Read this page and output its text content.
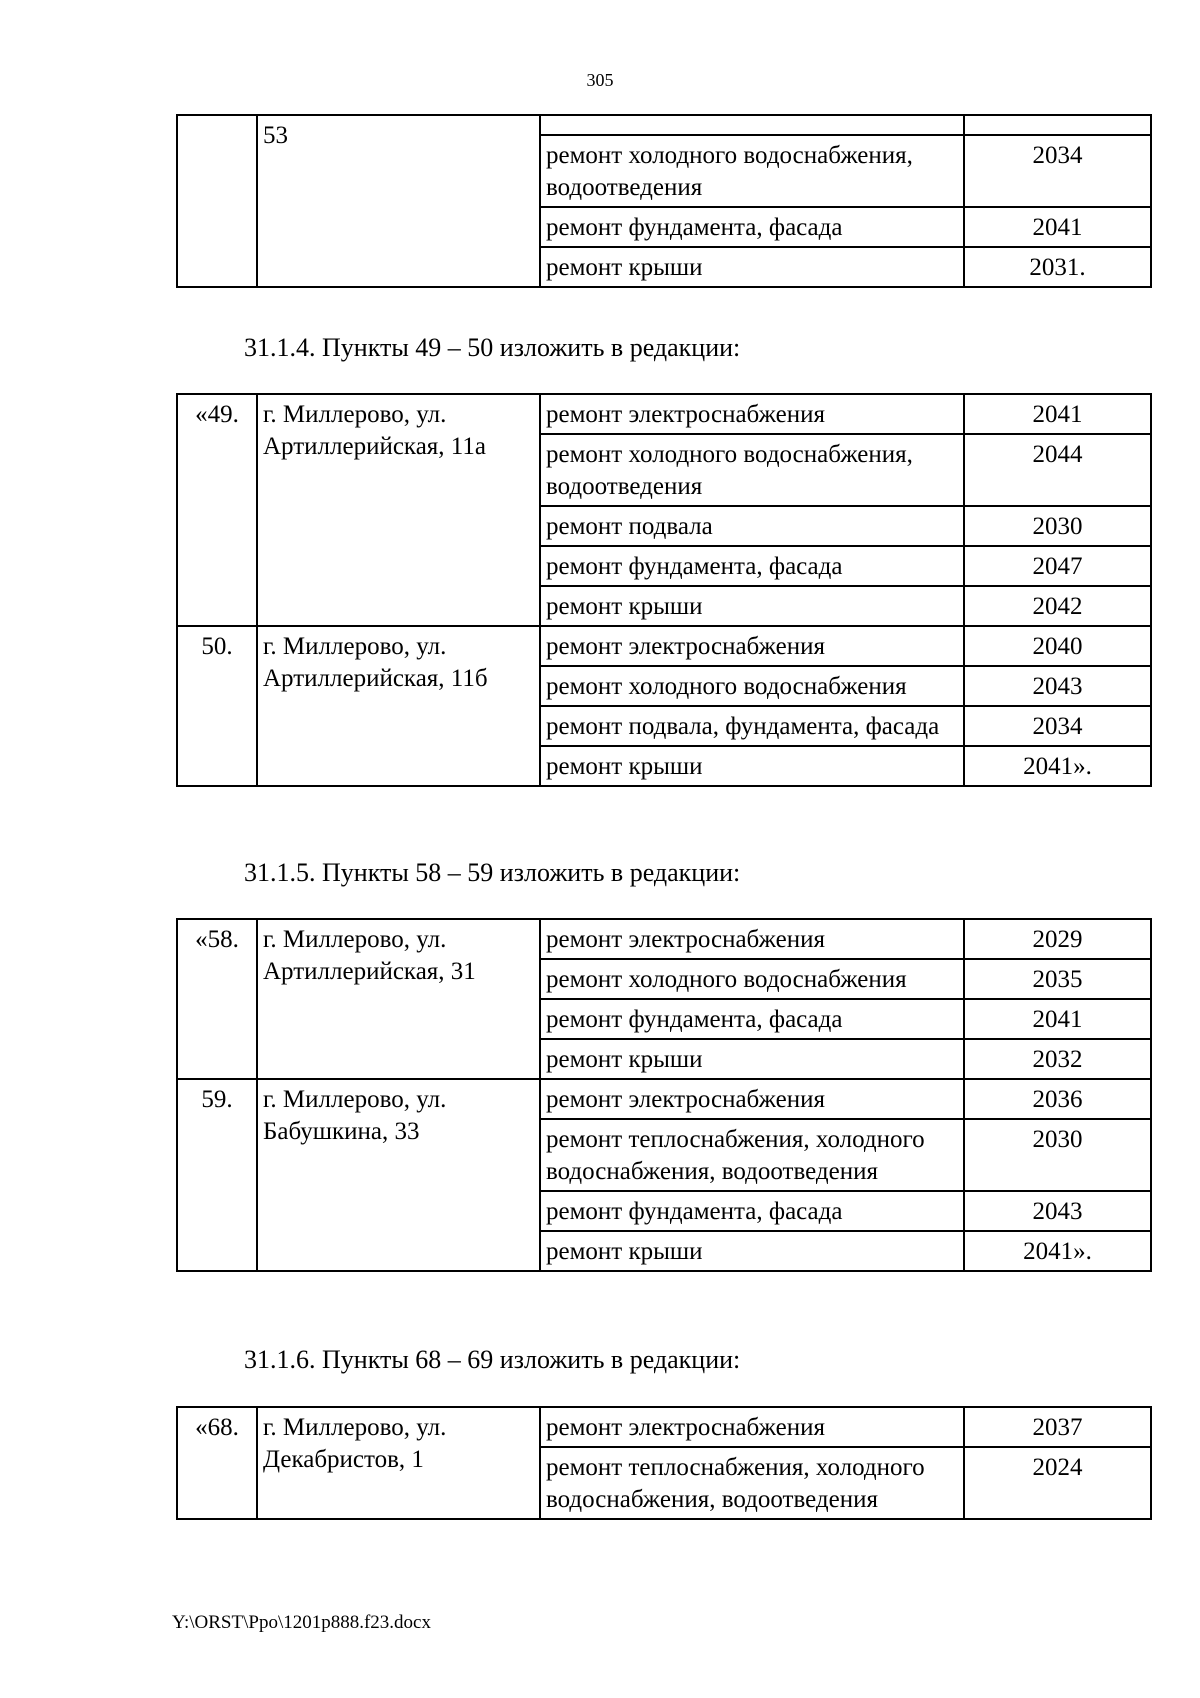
305
	53		
		ремонт холодного водоснабжения, водоотведения	2034
		ремонт фундамента, фасада	2041
		ремонт крыши	2031.
31.1.4. Пункты 49 – 50 изложить в редакции:
«49.	г. Миллерово, ул. Артиллерийская, 11а	ремонт электроснабжения	2041
		ремонт холодного водоснабжения, водоотведения	2044
		ремонт подвала	2030
		ремонт фундамента, фасада	2047
		ремонт крыши	2042
50.	г. Миллерово, ул. Артиллерийская, 11б	ремонт электроснабжения	2040
		ремонт холодного водоснабжения	2043
		ремонт подвала, фундамента, фасада	2034
		ремонт крыши	2041».
31.1.5. Пункты 58 – 59 изложить в редакции:
«58.	г. Миллерово, ул. Артиллерийская, 31	ремонт электроснабжения	2029
		ремонт холодного водоснабжения	2035
		ремонт фундамента, фасада	2041
		ремонт крыши	2032
59.	г. Миллерово, ул. Бабушкина, 33	ремонт электроснабжения	2036
		ремонт теплоснабжения, холодного водоснабжения, водоотведения	2030
		ремонт фундамента, фасада	2043
		ремонт крыши	2041».
31.1.6. Пункты 68 – 69 изложить в редакции:
«68.	г. Миллерово, ул. Декабристов, 1	ремонт электроснабжения	2037
		ремонт теплоснабжения, холодного водоснабжения, водоотведения	2024
Y:\ORST\Ppo\1201p888.f23.docx
